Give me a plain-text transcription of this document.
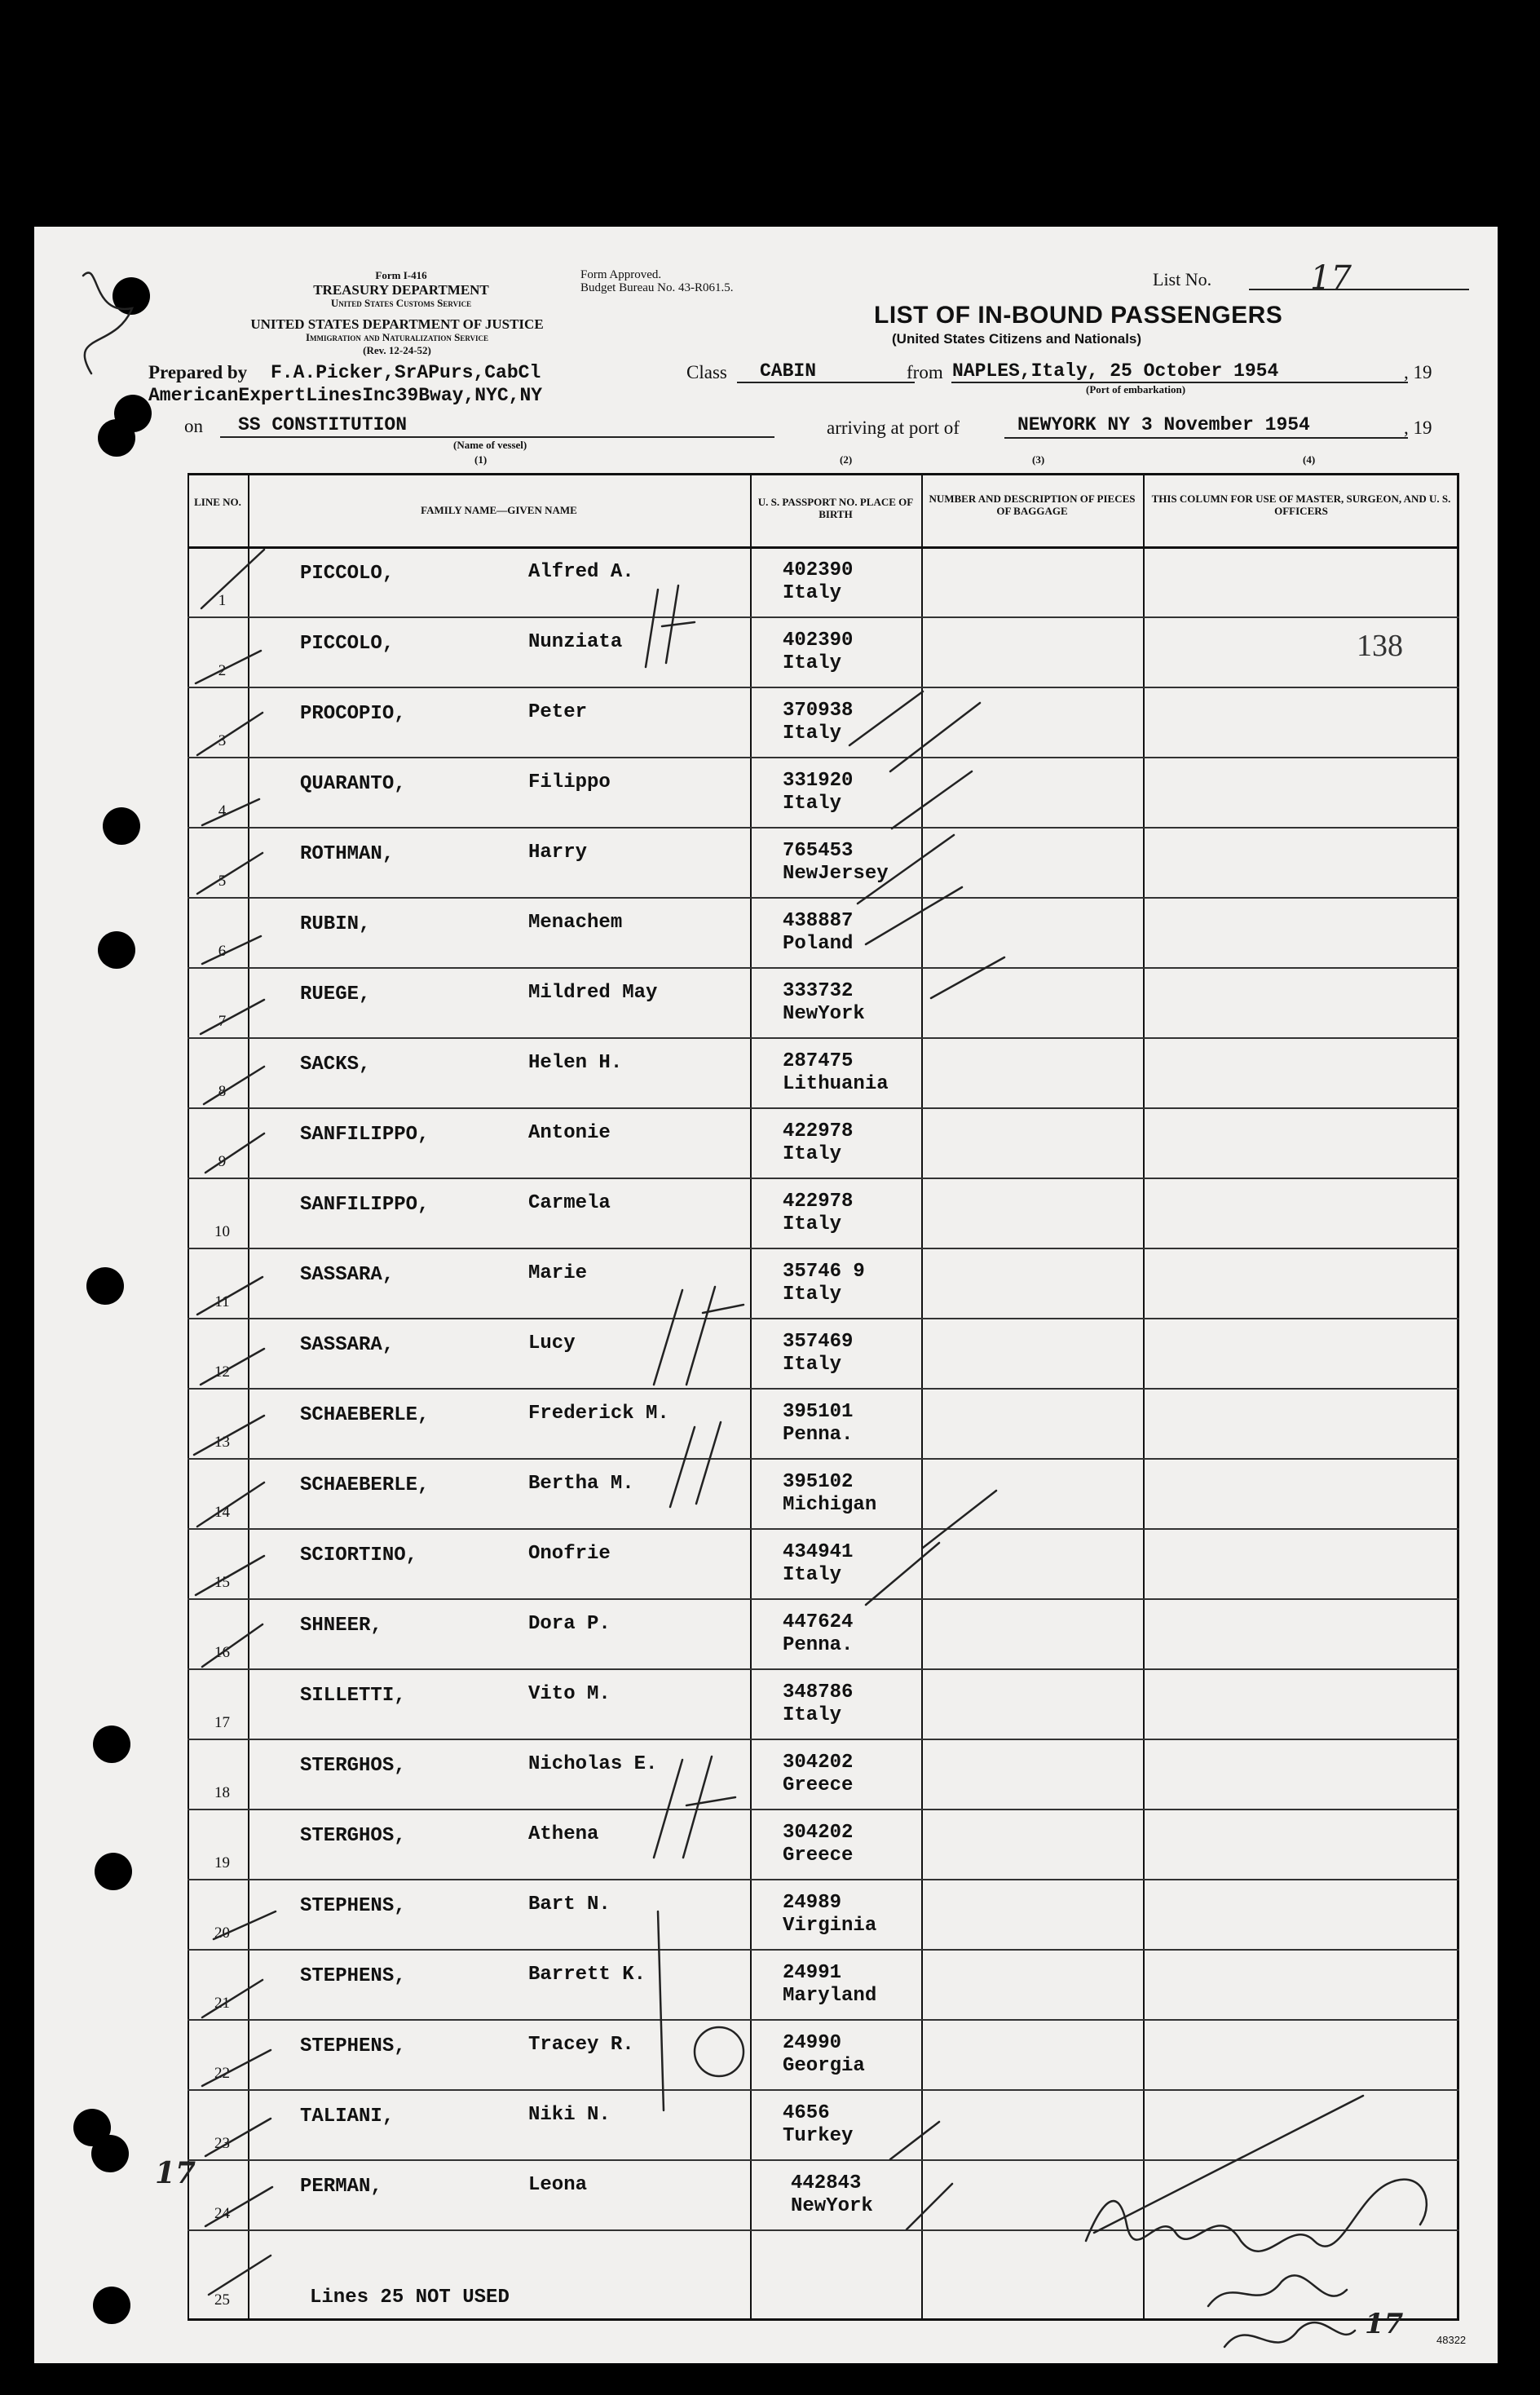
Form I-416
TREASURY DEPARTMENT
United States Customs Service
UNITED STATES DEPARTMENT OF JUSTICE
Immigration and Naturalization Service
(Rev. 12-24-52)
Form Approved.
Budget Bureau No. 43-R061.5.
LIST OF IN-BOUND PASSENGERS
(United States Citizens and Nationals)
List No.	17
Prepared by F.A.Picker,SrAPurs,CabCl
AmericanExpertLinesInc39Bway,NYC,NY
Class CABIN	from NAPLES,Italy, 25 October 1954	, 19
(Port of embarkation)
on SS CONSTITUTION
(Name of vessel)
arriving at port of	NEWYORK NY 3 November 1954	, 19
(1)	(2)	(3)	(4)
LINE NO.
FAMILY NAME—GIVEN NAME
U. S. PASSPORT NO. PLACE OF BIRTH
NUMBER AND DESCRIPTION OF PIECES OF BAGGAGE
THIS COLUMN FOR USE OF MASTER, SURGEON, AND U. S. OFFICERS
1
PICCOLO,	Alfred A.	402390
Italy
2
PICCOLO,	Nunziata	402390
Italy
3
PROCOPIO,	Peter	370938
Italy
4
QUARANTO,	Filippo	331920
Italy
5
ROTHMAN,	Harry	765453
NewJersey
6
RUBIN,	Menachem	438887
Poland
7
RUEGE,	Mildred May	333732
NewYork
8
SACKS,	Helen H.	287475
Lithuania
9
SANFILIPPO,	Antonie	422978
Italy
10
SANFILIPPO,	Carmela	422978
Italy
11
SASSARA,	Marie	35746 9
Italy
12
SASSARA,	Lucy	357469
Italy
13
SCHAEBERLE,	Frederick M.	395101
Penna.
14
SCHAEBERLE,	Bertha M.	395102
Michigan
15
SCIORTINO,	Onofrie	434941
Italy
16
SHNEER,	Dora P.	447624
Penna.
17
SILLETTI,	Vito M.	348786
Italy
18
STERGHOS,	Nicholas E.	304202
Greece
19
STERGHOS,	Athena	304202
Greece
20
STEPHENS,	Bart N.	24989
Virginia
21
STEPHENS,	Barrett K.	24991
Maryland
22
STEPHENS,	Tracey R.	24990
Georgia
23
TALIANI,	Niki N.	4656
Turkey
24
PERMAN,	Leona	442843
NewYork
25	Lines 25 NOT USED
138
17
17	48322
